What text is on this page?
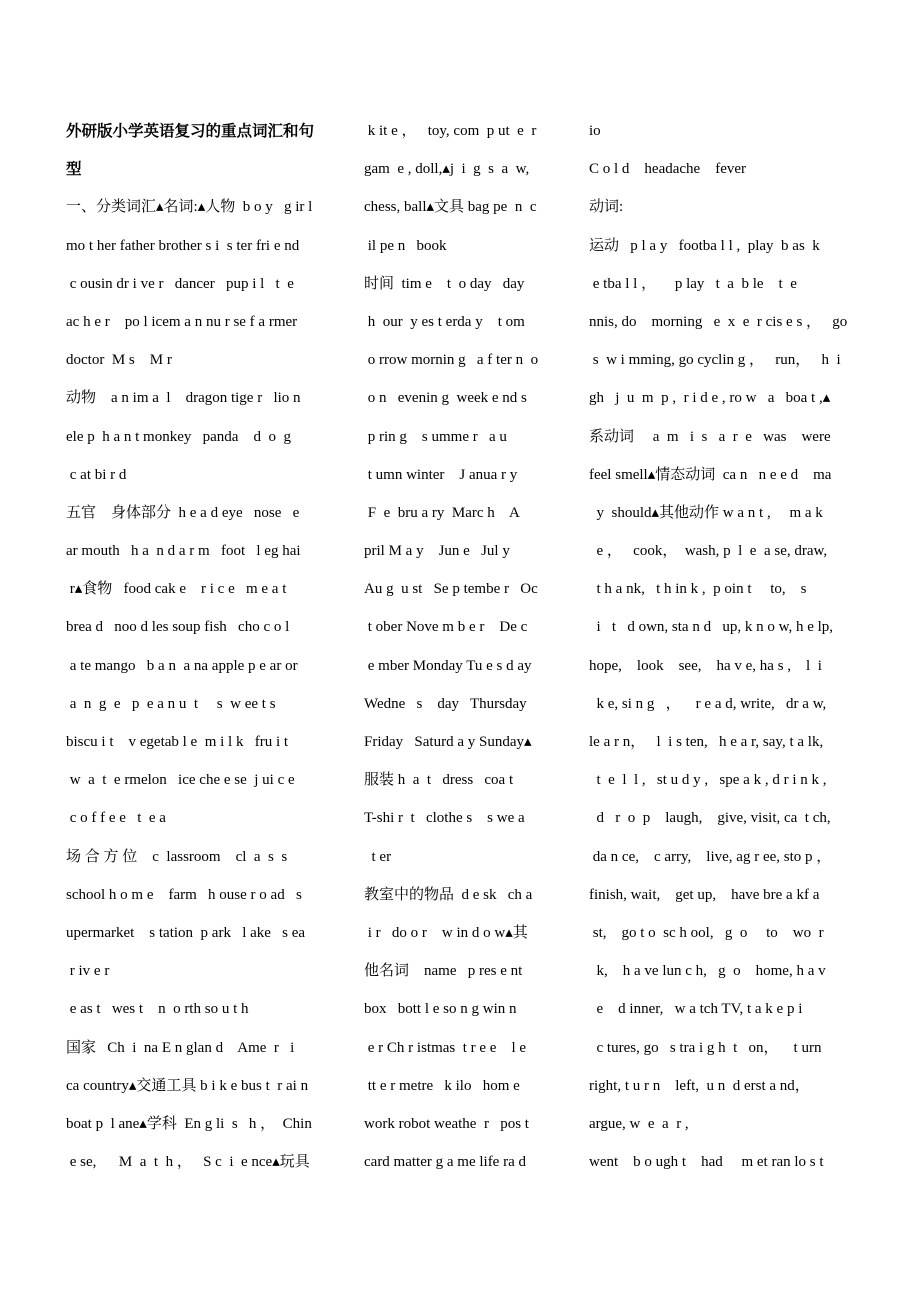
外研版小学英语复习的重点词汇和句
型
一、分类词汇▴名词:▴人物  b o y   g ir l
mo t her father brother s i  s ter fri e nd
c ousin dr i ve r   dancer   pup i l   t  e
ac h e r    po l icem a n nu r se f a rmer
doctor  M s    M r
动物    a n im a  l    dragon tige r   lio n
ele p  h a n t monkey   panda    d  o  g
c at bi r d
五官    身体部分  h e a d eye   nose   e
ar mouth   h a  n d a r m   foot   l eg hai
r▴食物   food cak e    r i c e   m e a t
brea d   noo d les soup fish   cho c o l
a te mango   b a n  a na apple p e ar or
a  n  g  e   p  e a n u  t     s  w ee t s
biscu i t    v egetab l e  m i l k   fru i t
w  a  t  e rmelon   ice che e se  j ui c e
c o f f e e   t  e a
场 合 方 位    c  lassroom    cl  a  s  s
school h o m e    farm   h ouse r o ad   s
upermarket    s tation  p ark   l ake   s ea
r iv e r
e as t   wes t    n  o rth so u t h
国家   Ch  i  na E n glan d    Ame  r   i
ca country▴交通工具 b i k e bus t  r ai n
boat p  l ane▴学科  En g li  s   h ，  Chin
e se,      M  a  t  h ，   S c  i  e nce▴玩具
k it e ，   toy, com  p ut  e  r
gam  e , doll,▴j  i  g  s  a  w,
chess, ball▴文具 bag pe  n  c
il pe n   book
时间  tim e    t  o day   day
h  our  y es t erda y    t om
o rrow mornin g   a f ter n  o
o n   evenin g  week e nd s
p rin g    s umme r   a u
t umn winter    J anua r y
F  e  bru a ry  Marc h    A
pril M a y    Jun e   Jul y
Au g  u st   Se p tembe r   Oc
t ober Nove m b e r    De c
e mber Monday Tu e s d ay
Wedne   s    day   Thursday
Friday   Saturd a y Sunday▴
服装 h  a  t   dress   coa t
T-shi r  t   clothe s    s we a
t er
教室中的物品  d e sk   ch a
i r   do o r    w in d o w▴其
他名词    name   p res e nt
box   bott l e so n g win n
e r Ch r istmas  t r e e    l e
tt e r metre   k ilo   hom e
work robot weathe  r   pos t
card matter g a me life ra d
io
C o l d    headache    fever
动词:
运动   p l a y   footba l l ,  play  b as  k
e tba l l ，     p lay   t  a  b le    t  e
nnis, do    morning   e  x  e  r cis e s ，   go
s  w i mming, go cyclin g ，   run，   h  i
gh   j  u  m  p ,  r i d e , ro w   a   boa t ,▴
系动词     a  m   i  s   a  r  e   was    were
feel smell▴情态动词  ca n   n e e d    ma
y  should▴其他动作 w a n t ,     m a k
e ，   cook，  wash, p  l  e  a se, draw,
t h a nk,   t h in k ,  p oin t     to,    s
i   t   d own, sta n d   up, k n o w, h e lp,
hope,    look    see,    ha v e, ha s ,    l  i
k e, si n g   ，    r e a d, write,   dr a w,
le a r n，   l  i s ten,   h e a r, say, t a lk,
t  e  l  l ,   st u d y ,   spe a k , d r i n k ,
d   r  o  p    laugh,    give, visit, ca  t ch,
da n ce,    c arry,    live, ag r ee, sto p ，
finish, wait,    get up,    have bre a kf a
st,    go t o  sc h ool,   g  o     to    wo  r
k,    h a ve lun c h,   g  o    home, h a v
e    d inner,   w a tch TV, t a k e p i
c tures, go   s tra i g h  t   on，    t urn
right, t u r n    left,  u n  d erst a nd，
argue, w  e  a  r ,
went    b o ugh t    had     m et ran lo s t
